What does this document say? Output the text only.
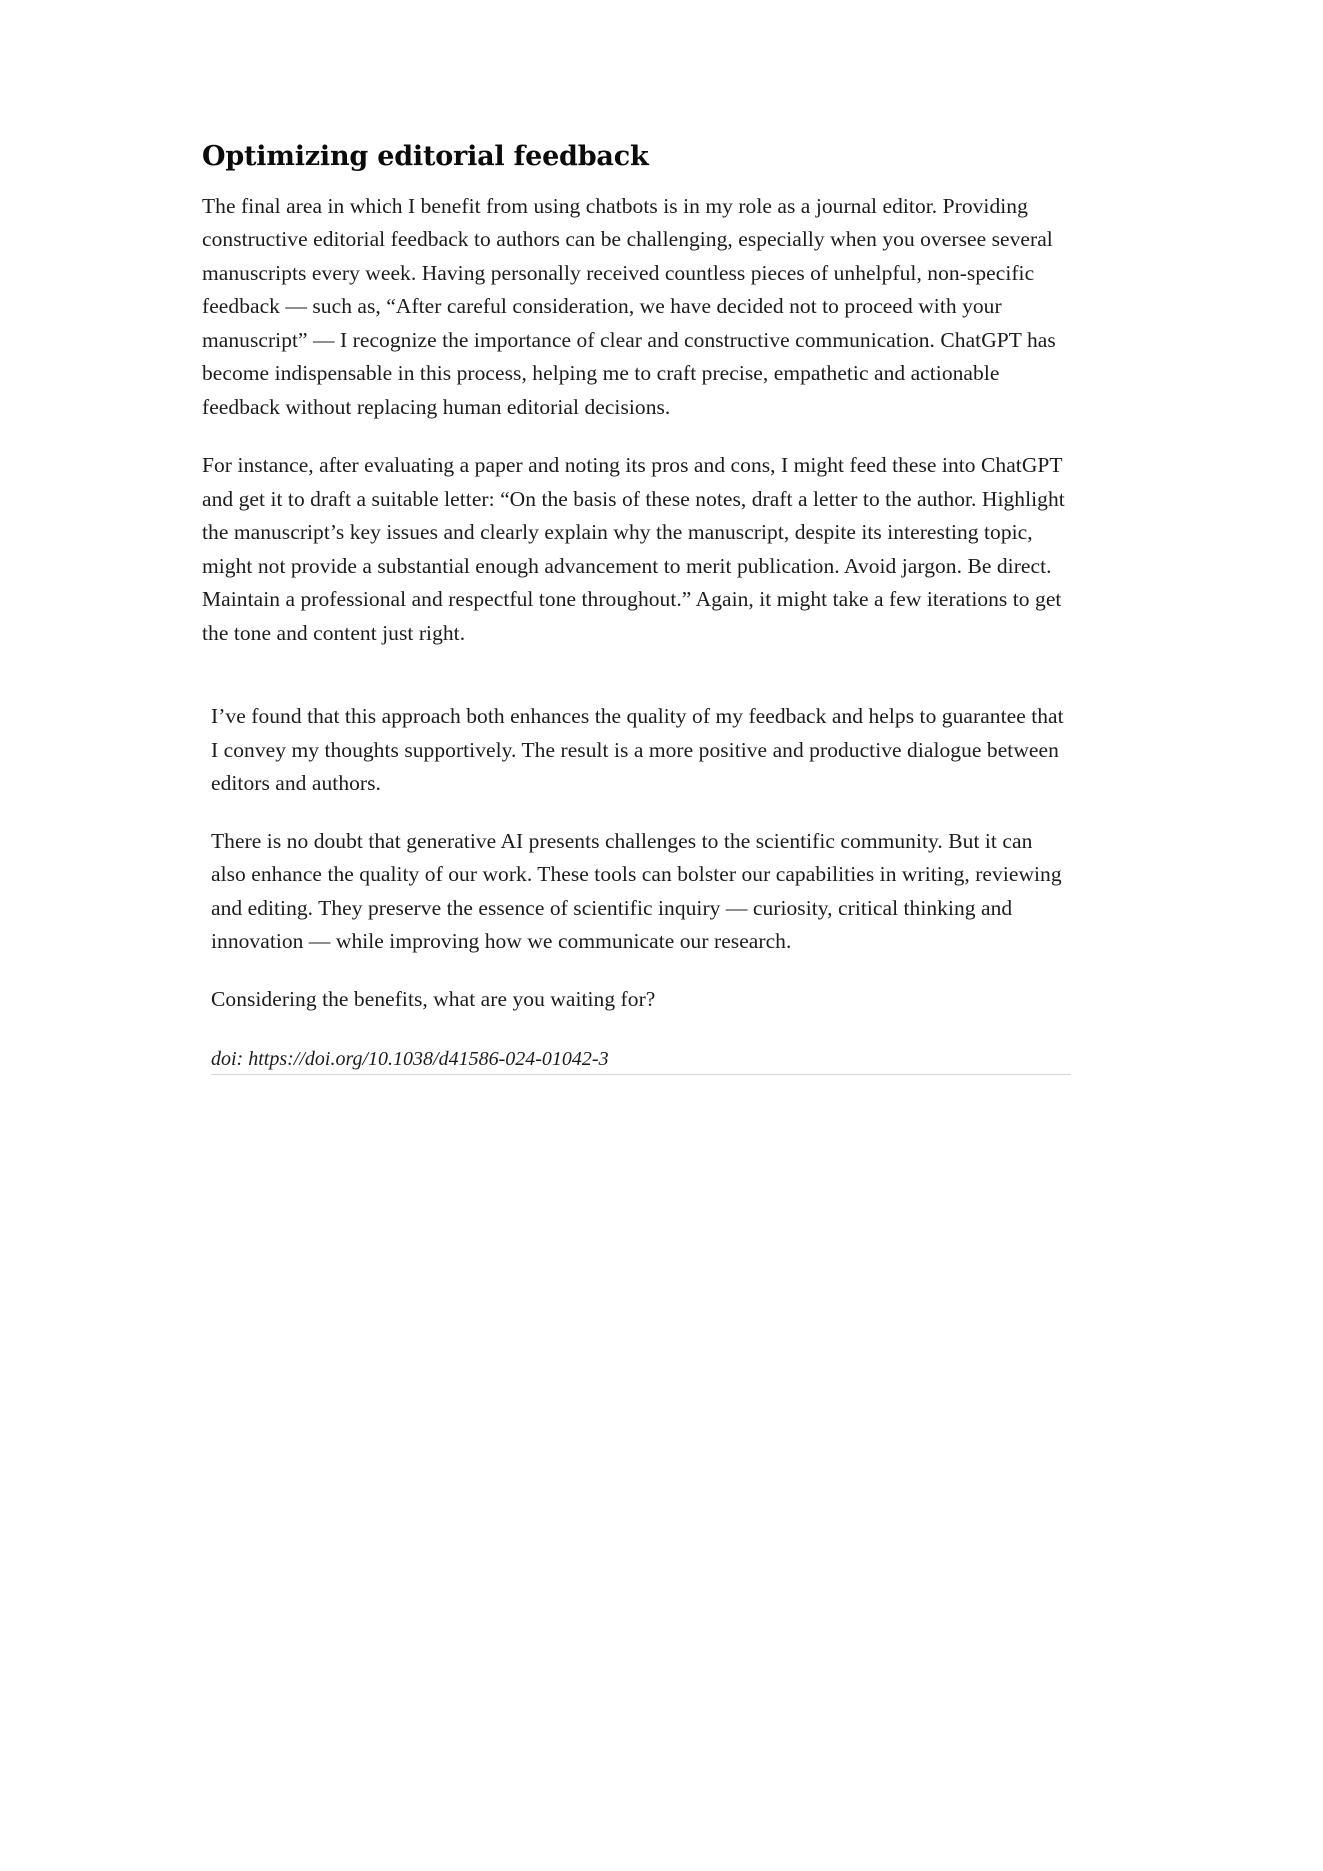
Optimizing editorial feedback

The final area in which I benefit from using chatbots is in my role as a journal editor. Providing constructive editorial feedback to authors can be challenging, especially when you oversee several manuscripts every week. Having personally received countless pieces of unhelpful, non-specific feedback — such as, “After careful consideration, we have decided not to proceed with your manuscript” — I recognize the importance of clear and constructive communication. ChatGPT has become indispensable in this process, helping me to craft precise, empathetic and actionable feedback without replacing human editorial decisions.

For instance, after evaluating a paper and noting its pros and cons, I might feed these into ChatGPT and get it to draft a suitable letter: “On the basis of these notes, draft a letter to the author. Highlight the manuscript’s key issues and clearly explain why the manuscript, despite its interesting topic, might not provide a substantial enough advancement to merit publication. Avoid jargon. Be direct. Maintain a professional and respectful tone throughout.” Again, it might take a few iterations to get the tone and content just right.

I’ve found that this approach both enhances the quality of my feedback and helps to guarantee that I convey my thoughts supportively. The result is a more positive and productive dialogue between editors and authors.

There is no doubt that generative AI presents challenges to the scientific community. But it can also enhance the quality of our work. These tools can bolster our capabilities in writing, reviewing and editing. They preserve the essence of scientific inquiry — curiosity, critical thinking and innovation — while improving how we communicate our research.

Considering the benefits, what are you waiting for?

doi: https://doi.org/10.1038/d41586-024-01042-3
